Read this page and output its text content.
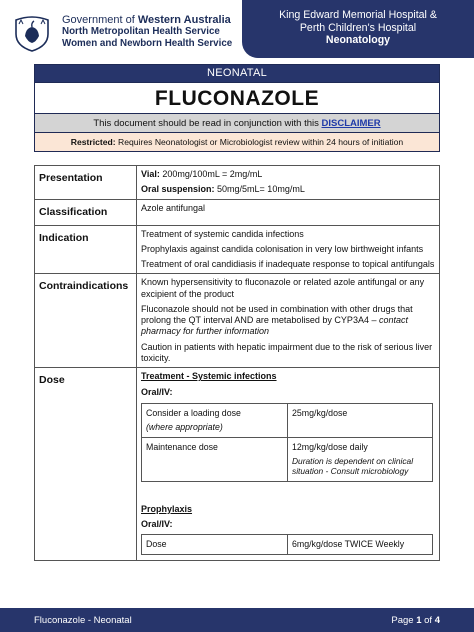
Government of Western Australia
North Metropolitan Health Service
Women and Newborn Health Service
King Edward Memorial Hospital &
Perth Children's Hospital
Neonatology
NEONATAL
FLUCONAZOLE
This document should be read in conjunction with this DISCLAIMER
Restricted: Requires Neonatologist or Microbiologist review within 24 hours of initiation
Presentation	Vial: 200mg/100mL = 2mg/mL

Oral suspension: 50mg/5mL= 10mg/mL

Classification	Azole antifungal
Indication	Treatment of systemic candida infections

Prophylaxis against candida colonisation in very low birthweight infants

Treatment of oral candidiasis if inadequate response to topical antifungals

Contraindications	Known hypersensitivity to fluconazole or related azole antifungal or any excipient of the product

Fluconazole should not be used in combination with other drugs that prolong the QT interval AND are metabolised by CYP3A4 – contact pharmacy for further information

Caution in patients with hepatic impairment due to the risk of serious liver toxicity.

Dose	Treatment - Systemic infections
Oral/IV:
Consider a loading dose
(where appropriate)
	25mg/kg/dose
Maintenance dose	12mg/kg/dose daily
Duration is dependent on clinical situation - Consult microbiology
Prophylaxis
Oral/IV:
Dose	6mg/kg/dose TWICE Weekly
Fluconazole - Neonatal	Page 1 of 4
